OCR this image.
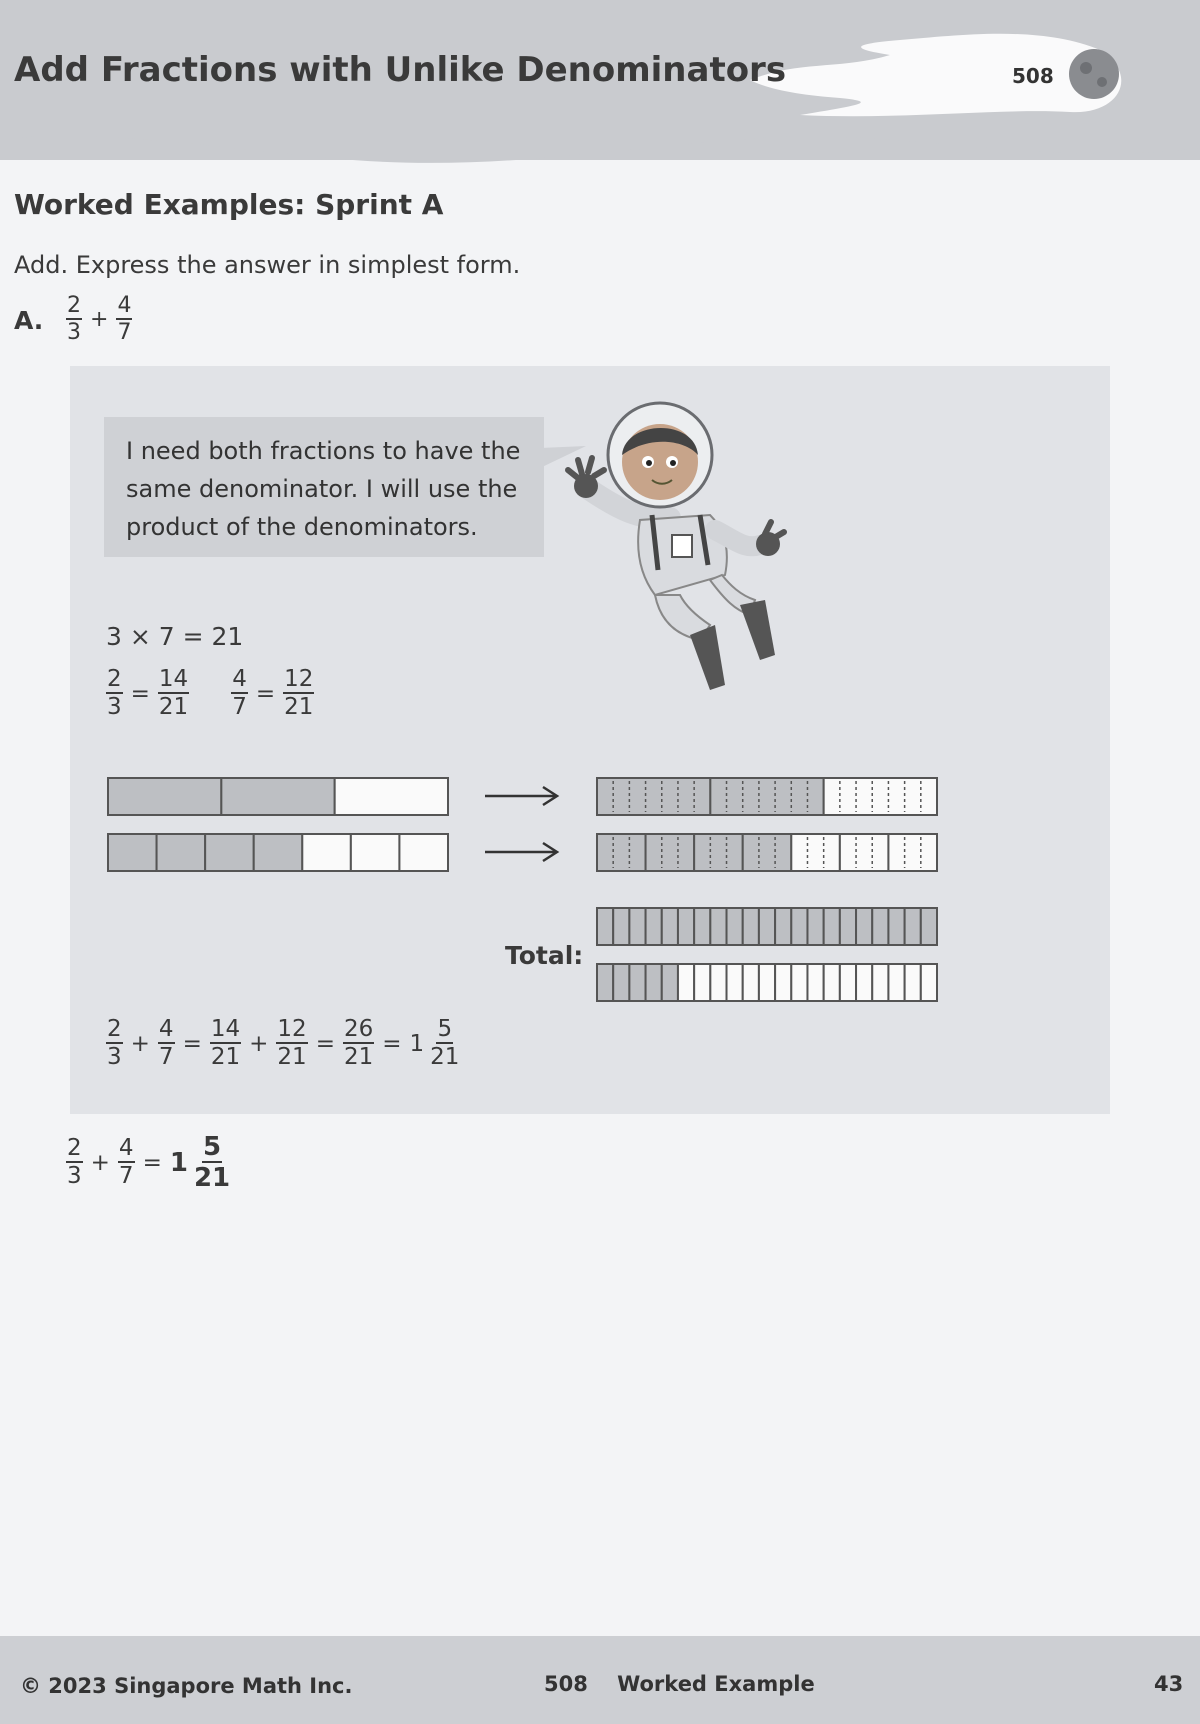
Add Fractions with Unlike Denominators	508
Worked Examples: Sprint A
Add. Express the answer in simplest form.
A. $\frac{2}{3} + \frac{4}{7}$
I need both fractions to have the same denominator. I will use the product of the denominators.
3 × 7 = 21
$\frac{2}{3} = \frac{14}{21} \frac{4}{7} = \frac{12}{21}$
Total:
$\frac{2}{3} + \frac{4}{7} = \frac{14}{21} + \frac{12}{21} = \frac{26}{21} = 1 \frac{5}{21}$
$\frac{2}{3} + \frac{4}{7} = 1 \frac{5}{21}$
© 2023 Singapore Math Inc.	508 Worked Example	43
